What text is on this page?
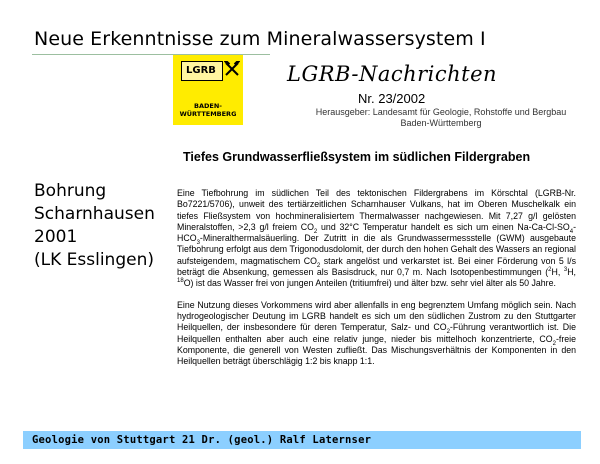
Neue Erkenntnisse zum Mineralwassersystem I
LGRB
BADEN-
WÜRTTEMBERG
LGRB-Nachrichten
Nr. 23/2002
Herausgeber: Landesamt für Geologie, Rohstoffe und Bergbau
Baden-Württemberg
Tiefes Grundwasserfließsystem im südlichen Fildergraben
Bohrung
Scharnhausen
2001
(LK Esslingen)

Eine Tiefbohrung im südlichen Teil des tektonischen Fildergrabens im Körschtal (LGRB-Nr. Bo7221/5706), unweit des tertiärzeitlichen Scharnhauser Vulkans, hat im Oberen Muschelkalk ein tiefes Fließsystem von hochmineralisiertem Thermalwasser nachgewiesen. Mit 7,27 g/l gelösten Mineralstoffen, >2,3 g/l freiem $CO_2$ und 32°C Temperatur handelt es sich um einen $Na-Ca-Cl-SO_4-HCO_3$-Mineralthermalsäuerling. Der Zutritt in die als Grundwassermessstelle (GWM) ausgebaute Tiefbohrung erfolgt aus dem Trigonodusdolomit, der durch den hohen Gehalt des Wassers an regional aufsteigendem, magmatischem $CO_2$ stark angelöst und verkarstet ist. Bei einer Förderung von 5 l/s beträgt die Absenkung, gemessen als Basisdruck, nur 0,7 m. Nach Isotopenbestimmungen ($^2$H, $^3$H, $^{18}$O) ist das Wasser frei von jungen Anteilen (tritiumfrei) und älter bzw. sehr viel älter als 50 Jahre.

Eine Nutzung dieses Vorkommens wird aber allenfalls in eng begrenztem Umfang möglich sein. Nach hydrogeologischer Deutung im LGRB handelt es sich um den südlichen Zustrom zu den Stuttgarter Heilquellen, der insbesondere für deren Temperatur, Salz- und $CO_2$-Führung verantwortlich ist. Die Heilquellen enthalten aber auch eine relativ junge, nieder bis mittelhoch konzentrierte, $CO_2$-freie Komponente, die generell von Westen zufließt. Das Mischungsverhältnis der Komponenten in den Heilquellen beträgt überschlägig 1:2 bis knapp 1:1.

Geologie von Stuttgart 21 Dr. (geol.) Ralf Laternser
